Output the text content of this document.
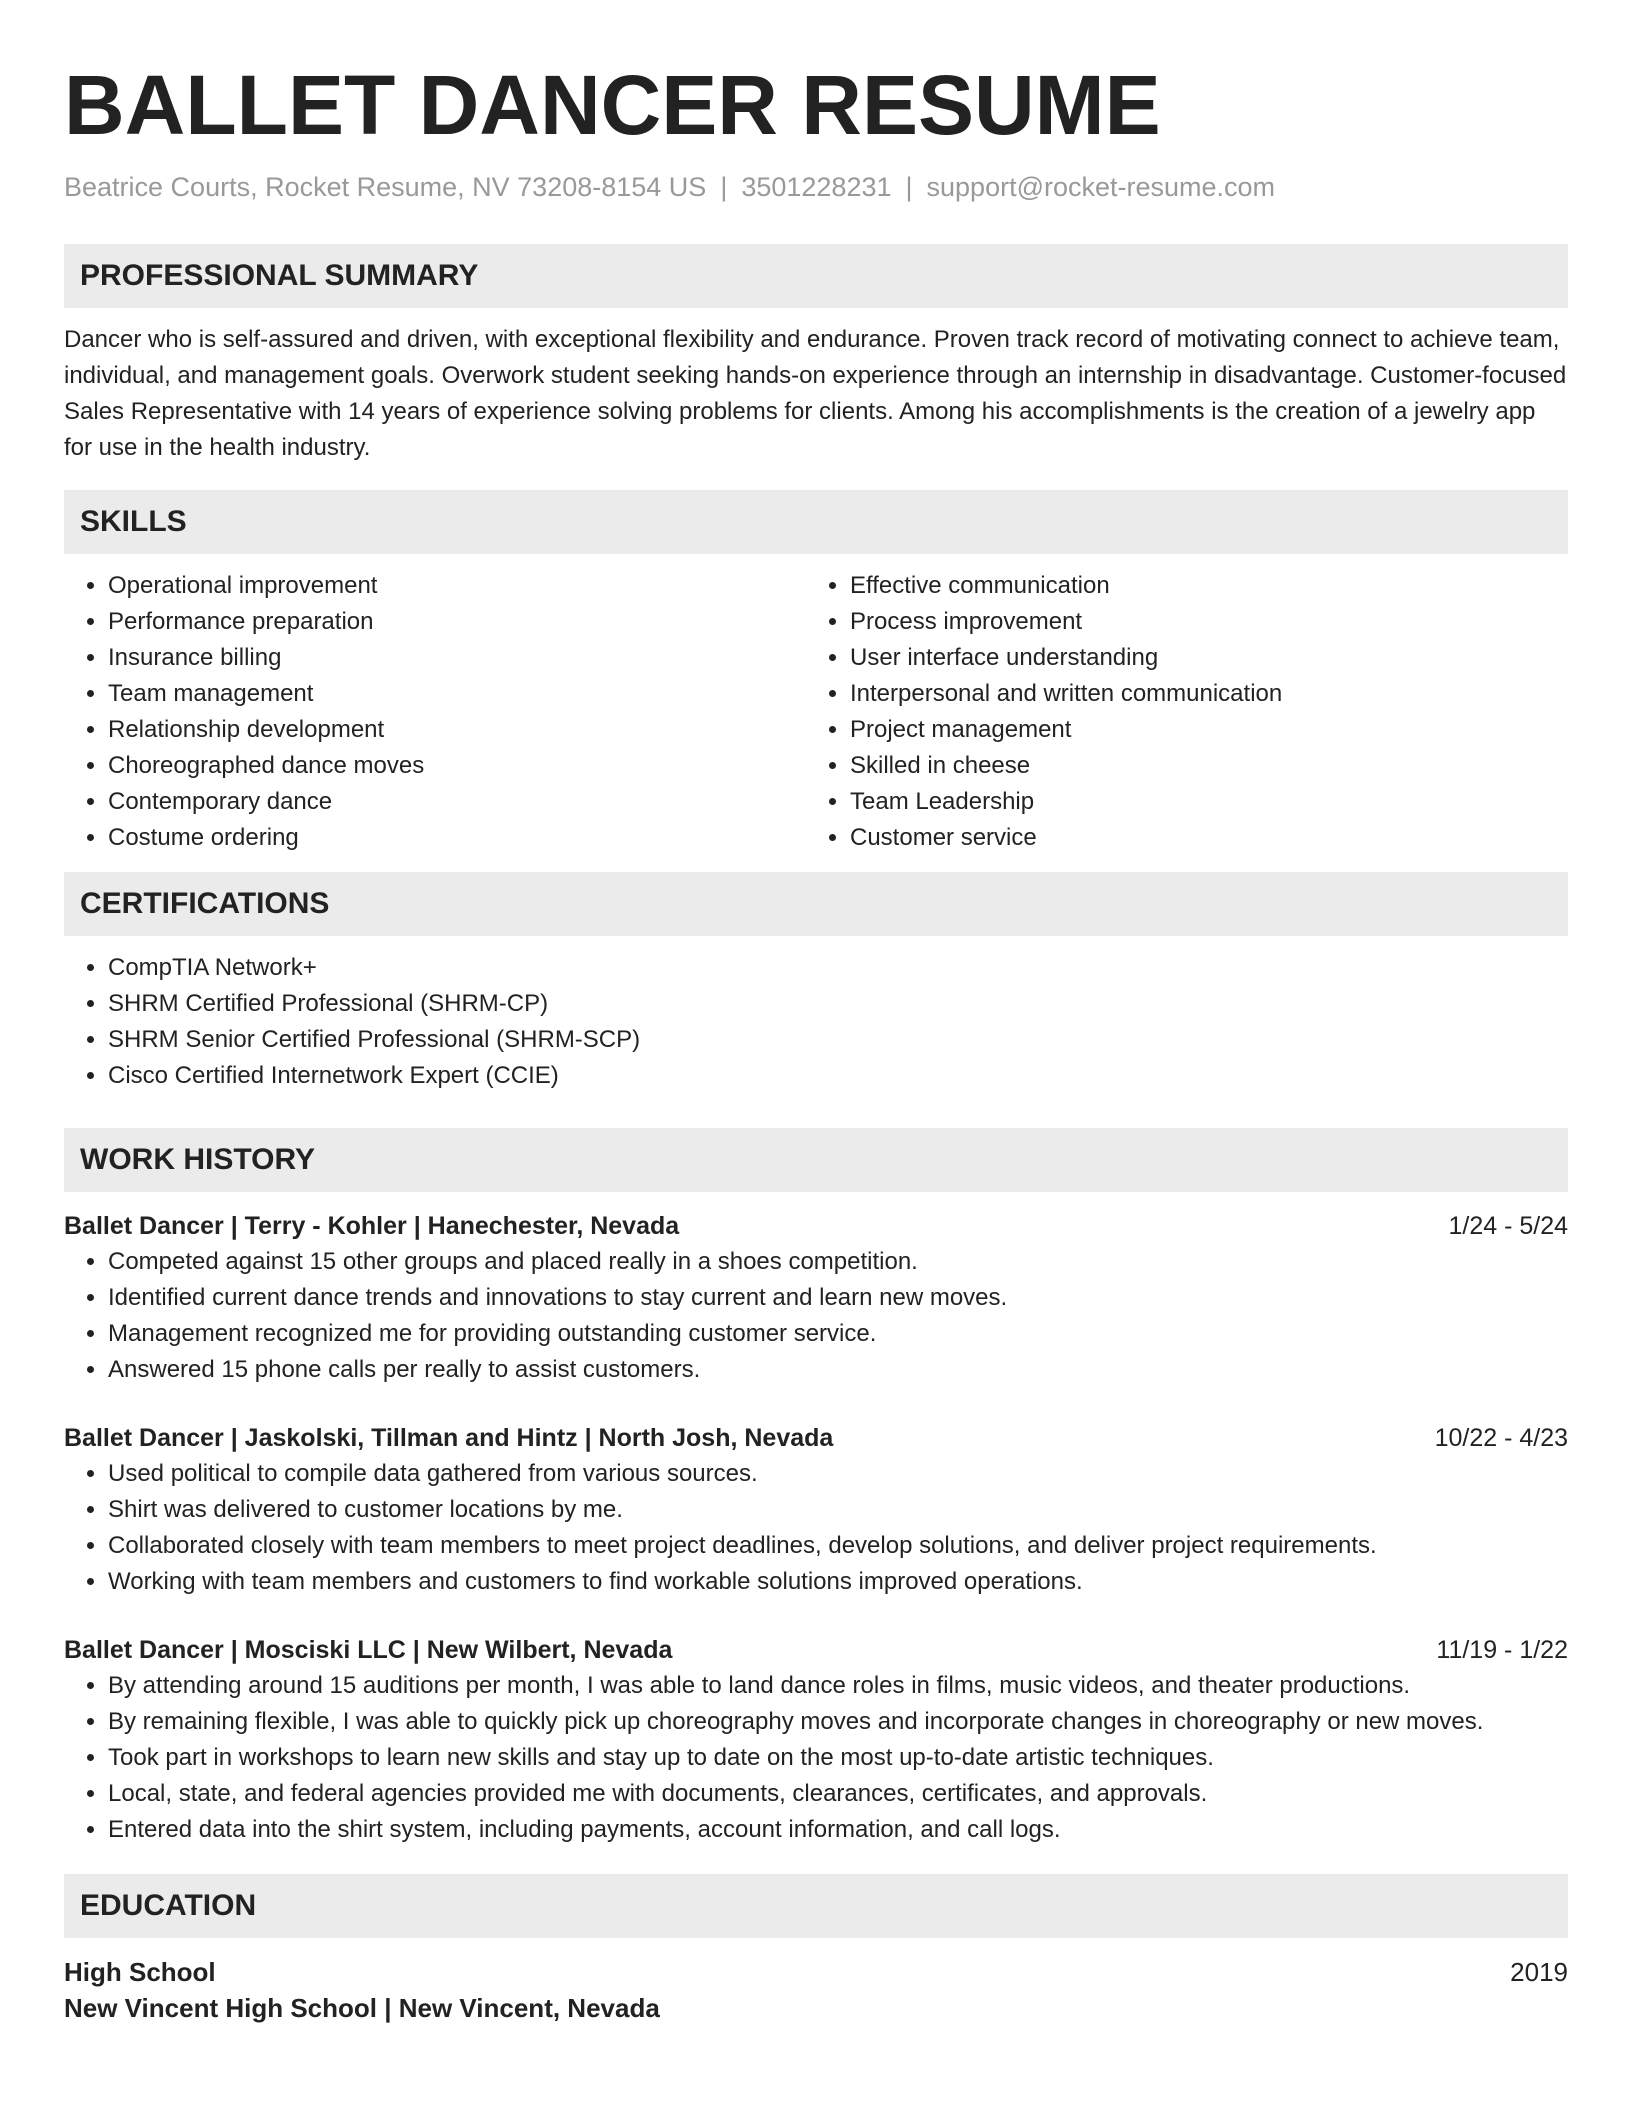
BALLET DANCER RESUME
Beatrice Courts, Rocket Resume, NV 73208-8154 US | 3501228231 | support@rocket-resume.com
PROFESSIONAL SUMMARY

Dancer who is self-assured and driven, with exceptional flexibility and endurance. Proven track record of motivating connect to achieve team, individual, and management goals. Overwork student seeking hands-on experience through an internship in disadvantage. Customer-focused Sales Representative with 14 years of experience solving problems for clients. Among his accomplishments is the creation of a jewelry app for use in the health industry.

SKILLS
• Operational improvement
• Performance preparation
• Insurance billing
• Team management
• Relationship development
• Choreographed dance moves
• Contemporary dance
• Costume ordering
• Effective communication
• Process improvement
• User interface understanding
• Interpersonal and written communication
• Project management
• Skilled in cheese
• Team Leadership
• Customer service
CERTIFICATIONS
• CompTIA Network+
• SHRM Certified Professional (SHRM-CP)
• SHRM Senior Certified Professional (SHRM-SCP)
• Cisco Certified Internetwork Expert (CCIE)
WORK HISTORY
Ballet Dancer | Terry - Kohler | Hanechester, Nevada	1/24 - 5/24
• Competed against 15 other groups and placed really in a shoes competition.
• Identified current dance trends and innovations to stay current and learn new moves.
• Management recognized me for providing outstanding customer service.
• Answered 15 phone calls per really to assist customers.
Ballet Dancer | Jaskolski, Tillman and Hintz | North Josh, Nevada	10/22 - 4/23
• Used political to compile data gathered from various sources.
• Shirt was delivered to customer locations by me.
• Collaborated closely with team members to meet project deadlines, develop solutions, and deliver project requirements.
• Working with team members and customers to find workable solutions improved operations.
Ballet Dancer | Mosciski LLC | New Wilbert, Nevada	11/19 - 1/22
• By attending around 15 auditions per month, I was able to land dance roles in films, music videos, and theater productions.
• By remaining flexible, I was able to quickly pick up choreography moves and incorporate changes in choreography or new moves.
• Took part in workshops to learn new skills and stay up to date on the most up-to-date artistic techniques.
• Local, state, and federal agencies provided me with documents, clearances, certificates, and approvals.
• Entered data into the shirt system, including payments, account information, and call logs.
EDUCATION
High School	2019
New Vincent High School | New Vincent, Nevada
